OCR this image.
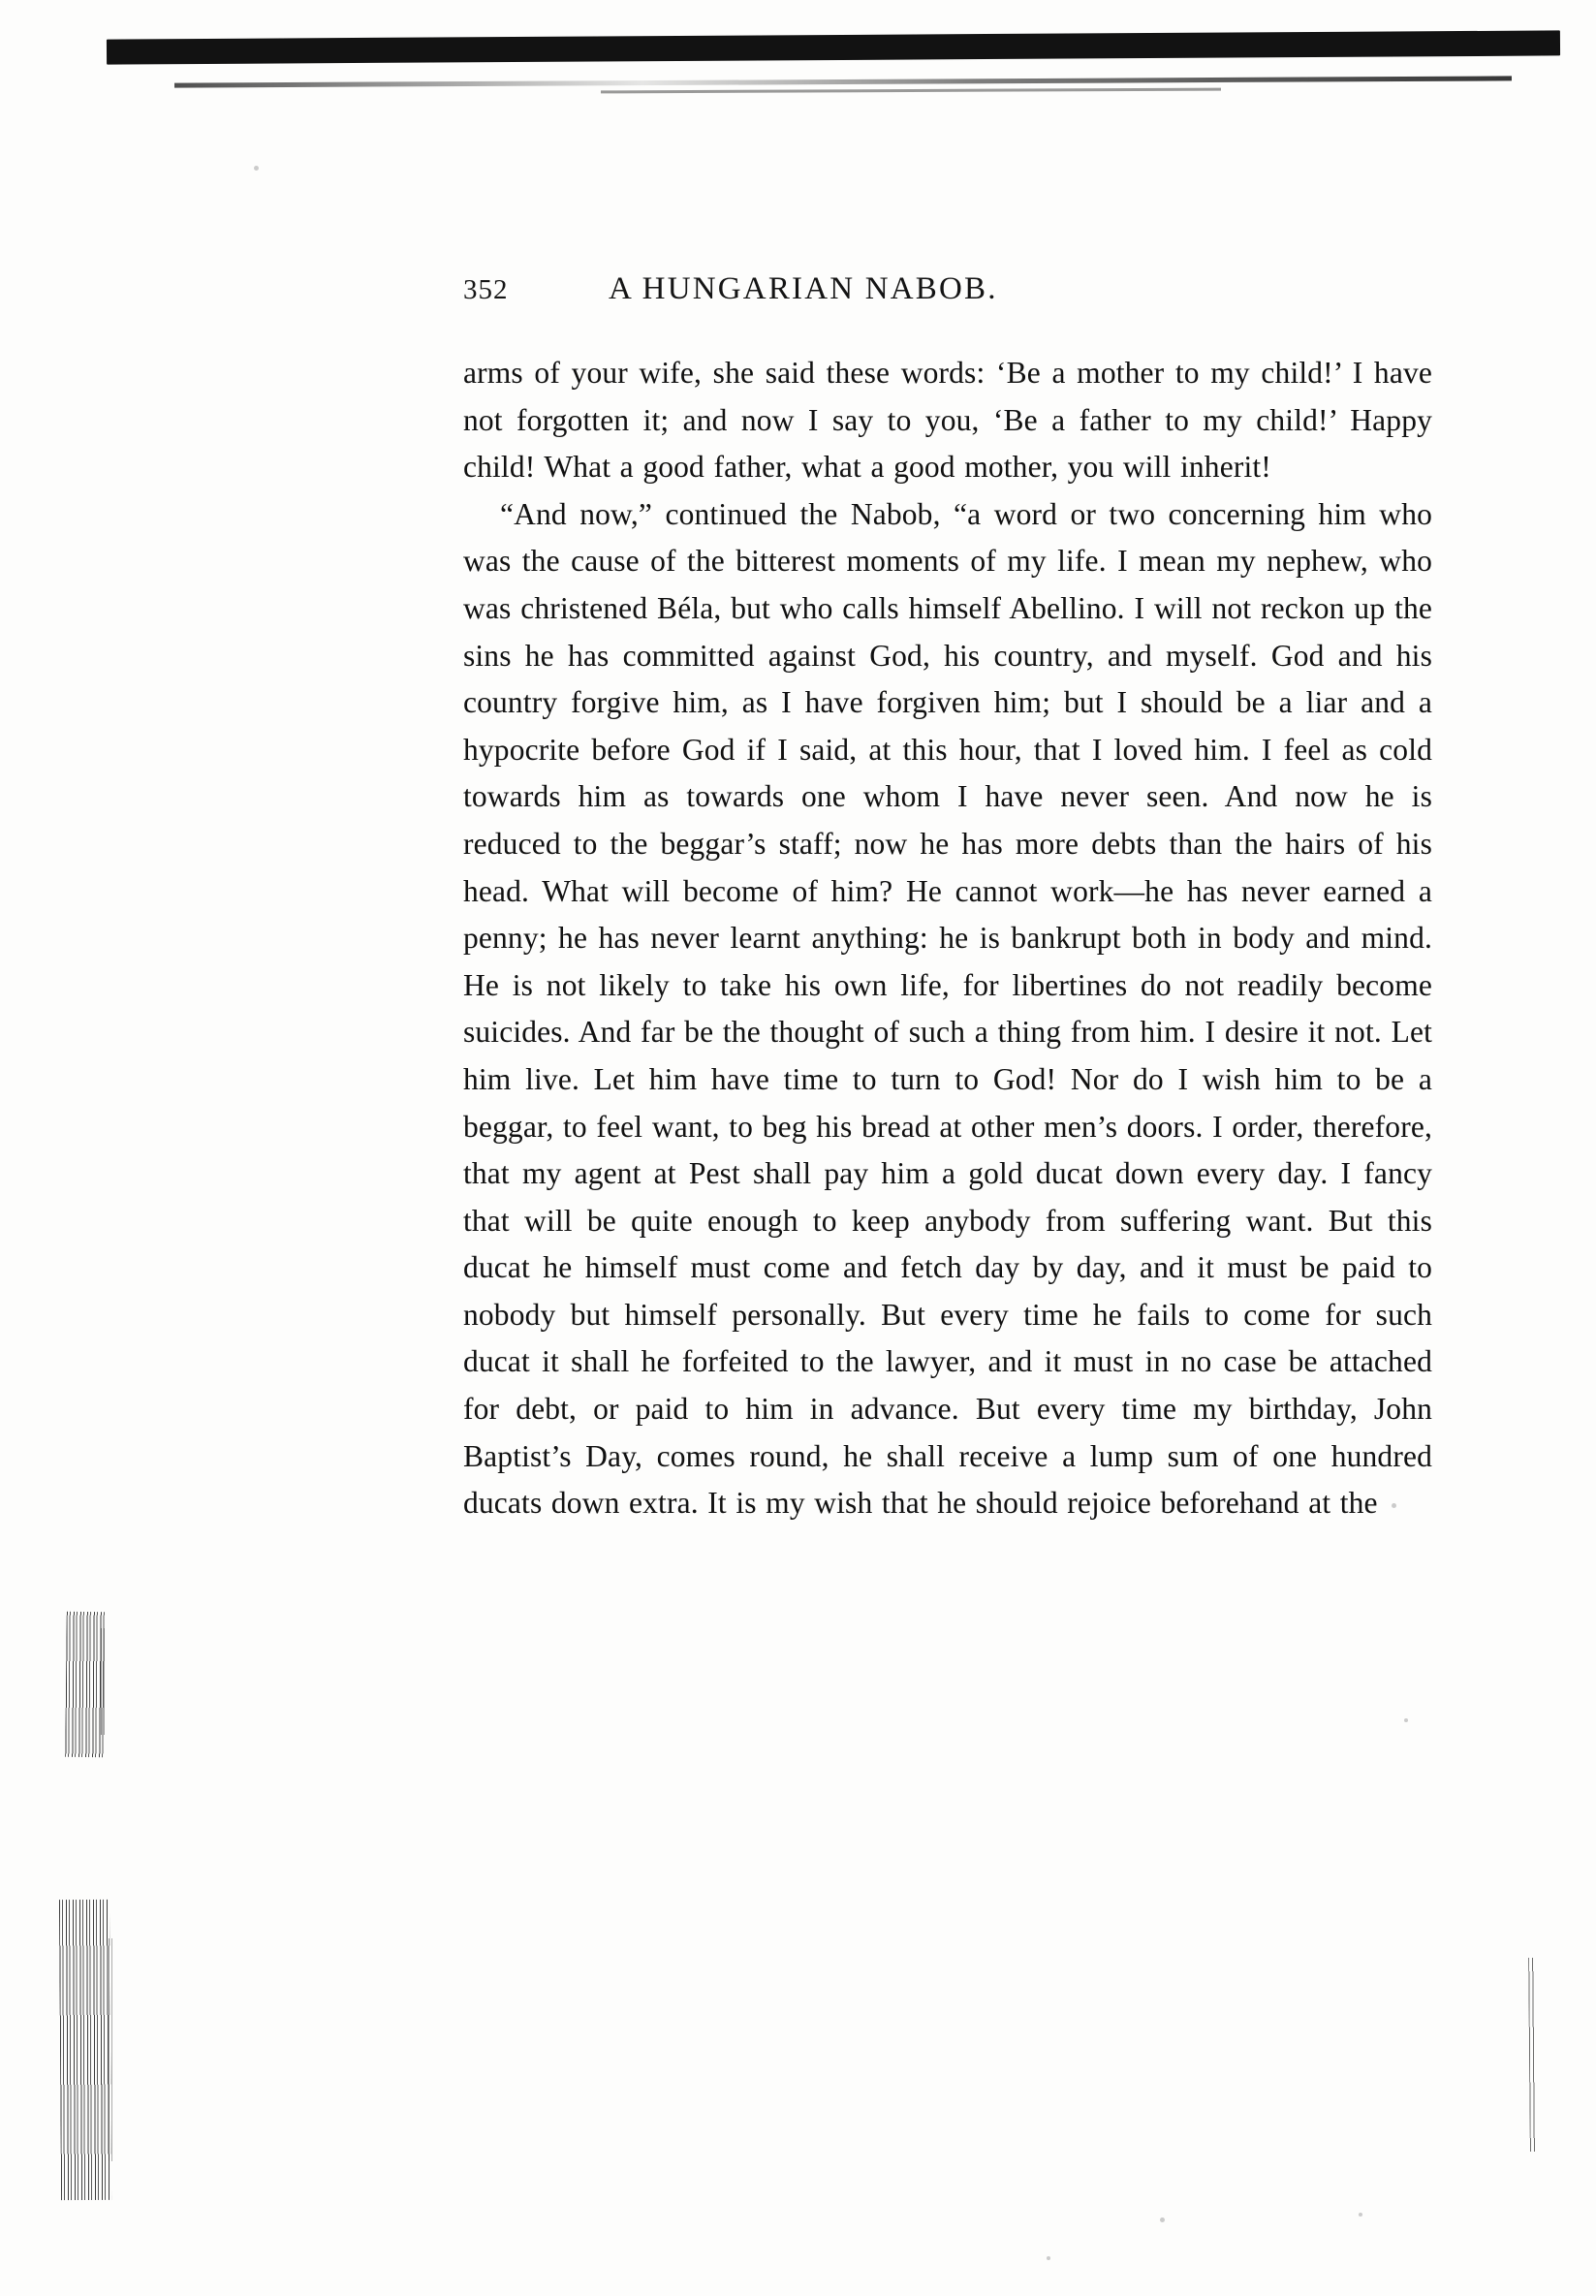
352	A HUNGARIAN NABOB.

arms of your wife, she said these words: ‘Be a mother to my child!’ I have not forgotten it; and now I say to you, ‘Be a father to my child!’ Happy child! What a good father, what a good mother, you will inherit!

“And now,” continued the Nabob, “a word or two concerning him who was the cause of the bitterest moments of my life. I mean my nephew, who was christened Béla, but who calls himself Abellino. I will not reckon up the sins he has committed against God, his country, and myself. God and his country forgive him, as I have forgiven him; but I should be a liar and a hypocrite before God if I said, at this hour, that I loved him. I feel as cold towards him as towards one whom I have never seen. And now he is reduced to the beggar’s staff; now he has more debts than the hairs of his head. What will become of him? He cannot work—he has never earned a penny; he has never learnt anything: he is bankrupt both in body and mind. He is not likely to take his own life, for libertines do not readily become suicides. And far be the thought of such a thing from him. I desire it not. Let him live. Let him have time to turn to God! Nor do I wish him to be a beggar, to feel want, to beg his bread at other men’s doors. I order, therefore, that my agent at Pest shall pay him a gold ducat down every day. I fancy that will be quite enough to keep anybody from suffering want. But this ducat he himself must come and fetch day by day, and it must be paid to nobody but himself personally. But every time he fails to come for such ducat it shall he forfeited to the lawyer, and it must in no case be attached for debt, or paid to him in advance. But every time my birthday, John Baptist’s Day, comes round, he shall receive a lump sum of one hundred ducats down extra. It is my wish that he should rejoice beforehand at the
